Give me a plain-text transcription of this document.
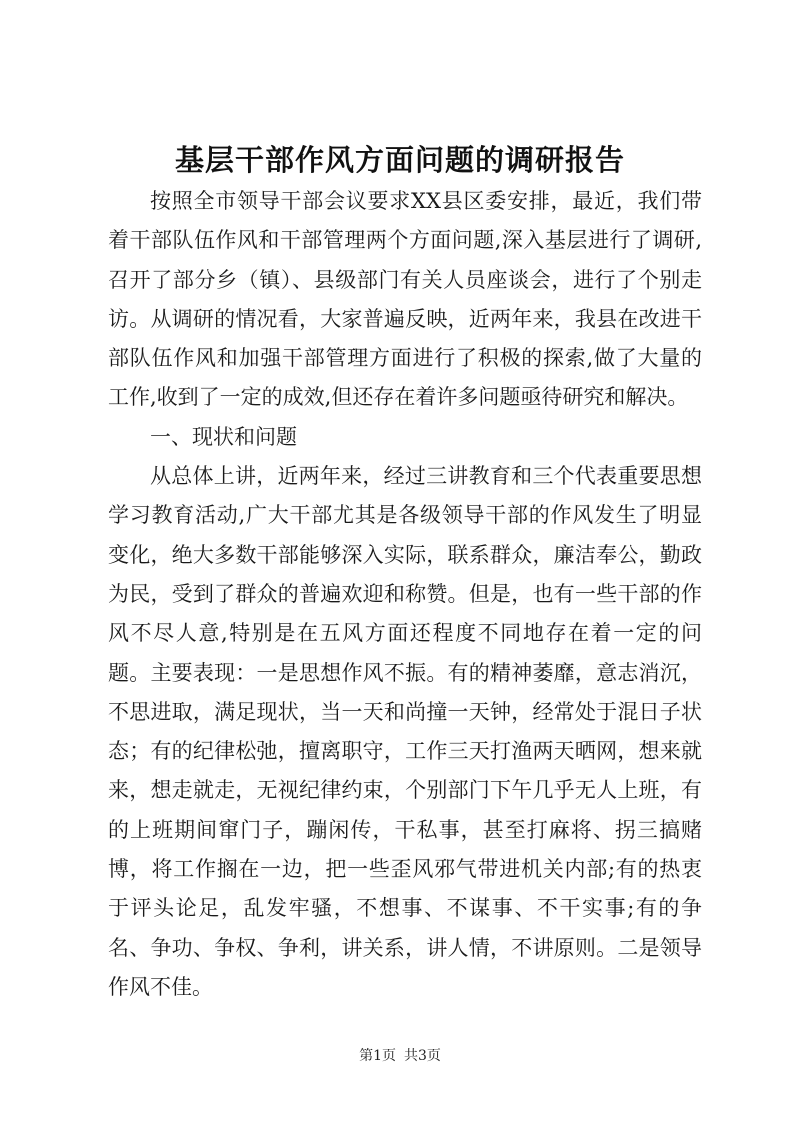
基层干部作风方面问题的调研报告

按照全市领导干部会议要求XX县区委安排，最近，我们带着干部队伍作风和干部管理两个方面问题,深入基层进行了调研,召开了部分乡（镇）、县级部门有关人员座谈会，进行了个别走访。从调研的情况看，大家普遍反映，近两年来，我县在改进干部队伍作风和加强干部管理方面进行了积极的探索,做了大量的工作,收到了一定的成效,但还存在着许多问题亟待研究和解决。

一、现状和问题

从总体上讲，近两年来，经过三讲教育和三个代表重要思想学习教育活动,广大干部尤其是各级领导干部的作风发生了明显变化，绝大多数干部能够深入实际，联系群众，廉洁奉公，勤政为民，受到了群众的普遍欢迎和称赞。但是，也有一些干部的作风不尽人意,特别是在五风方面还程度不同地存在着一定的问题。主要表现：一是思想作风不振。有的精神萎靡，意志消沉，不思进取，满足现状，当一天和尚撞一天钟，经常处于混日子状态；有的纪律松弛，擅离职守，工作三天打渔两天晒网，想来就来，想走就走，无视纪律约束，个别部门下午几乎无人上班，有的上班期间窜门子，蹦闲传，干私事，甚至打麻将、拐三搞赌博，将工作搁在一边，把一些歪风邪气带进机关内部;有的热衷于评头论足，乱发牢骚，不想事、不谋事、不干实事;有的争名、争功、争权、争利，讲关系，讲人情，不讲原则。二是领导作风不佳。

第1页 共3页
